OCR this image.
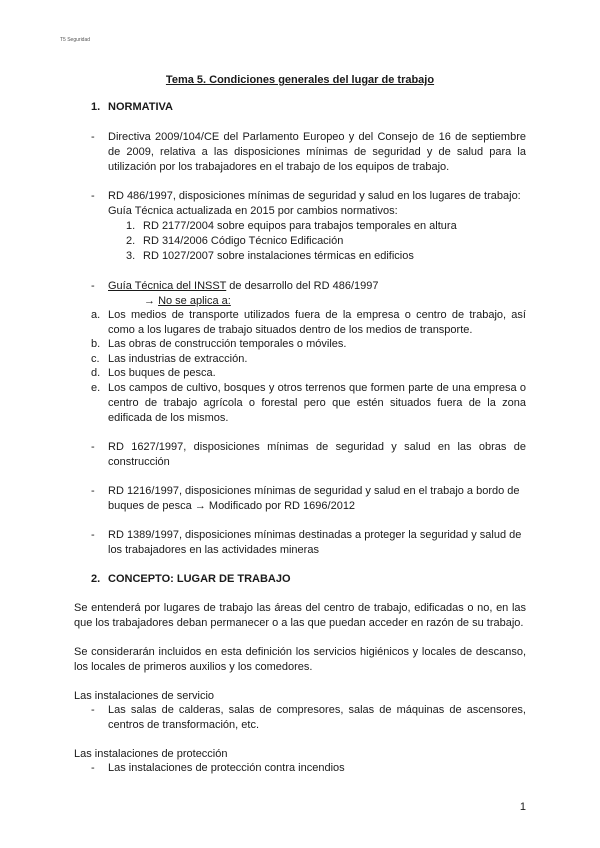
T5 Seguridad
Tema 5. Condiciones generales del lugar de trabajo
1. NORMATIVA
- Directiva 2009/104/CE del Parlamento Europeo y del Consejo de 16 de septiembre
de 2009, relativa a las disposiciones mínimas de seguridad y de salud para la
utilización por los trabajadores en el trabajo de los equipos de trabajo.
- RD 486/1997, disposiciones mínimas de seguridad y salud en los lugares de trabajo:
Guía Técnica actualizada en 2015 por cambios normativos:
1. RD 2177/2004 sobre equipos para trabajos temporales en altura
2. RD 314/2006 Código Técnico Edificación
3. RD 1027/2007 sobre instalaciones térmicas en edificios
- Guía Técnica del INSST de desarrollo del RD 486/1997
→ No se aplica a:
a. Los medios de transporte utilizados fuera de la empresa o centro de trabajo, así
como a los lugares de trabajo situados dentro de los medios de transporte.
b. Las obras de construcción temporales o móviles.
c. Las industrias de extracción.
d. Los buques de pesca.
e. Los campos de cultivo, bosques y otros terrenos que formen parte de una empresa o
centro de trabajo agrícola o forestal pero que estén situados fuera de la zona
edificada de los mismos.
- RD 1627/1997, disposiciones mínimas de seguridad y salud en las obras de
construcción
- RD 1216/1997, disposiciones mínimas de seguridad y salud en el trabajo a bordo de
buques de pesca → Modificado por RD 1696/2012
- RD 1389/1997, disposiciones mínimas destinadas a proteger la seguridad y salud de
los trabajadores en las actividades mineras
2. CONCEPTO: LUGAR DE TRABAJO
Se entenderá por lugares de trabajo las áreas del centro de trabajo, edificadas o no, en las
que los trabajadores deban permanecer o a las que puedan acceder en razón de su trabajo.
Se considerarán incluidos en esta definición los servicios higiénicos y locales de descanso,
los locales de primeros auxilios y los comedores.
Las instalaciones de servicio
- Las salas de calderas, salas de compresores, salas de máquinas de ascensores,
centros de transformación, etc.
Las instalaciones de protección
- Las instalaciones de protección contra incendios
1
